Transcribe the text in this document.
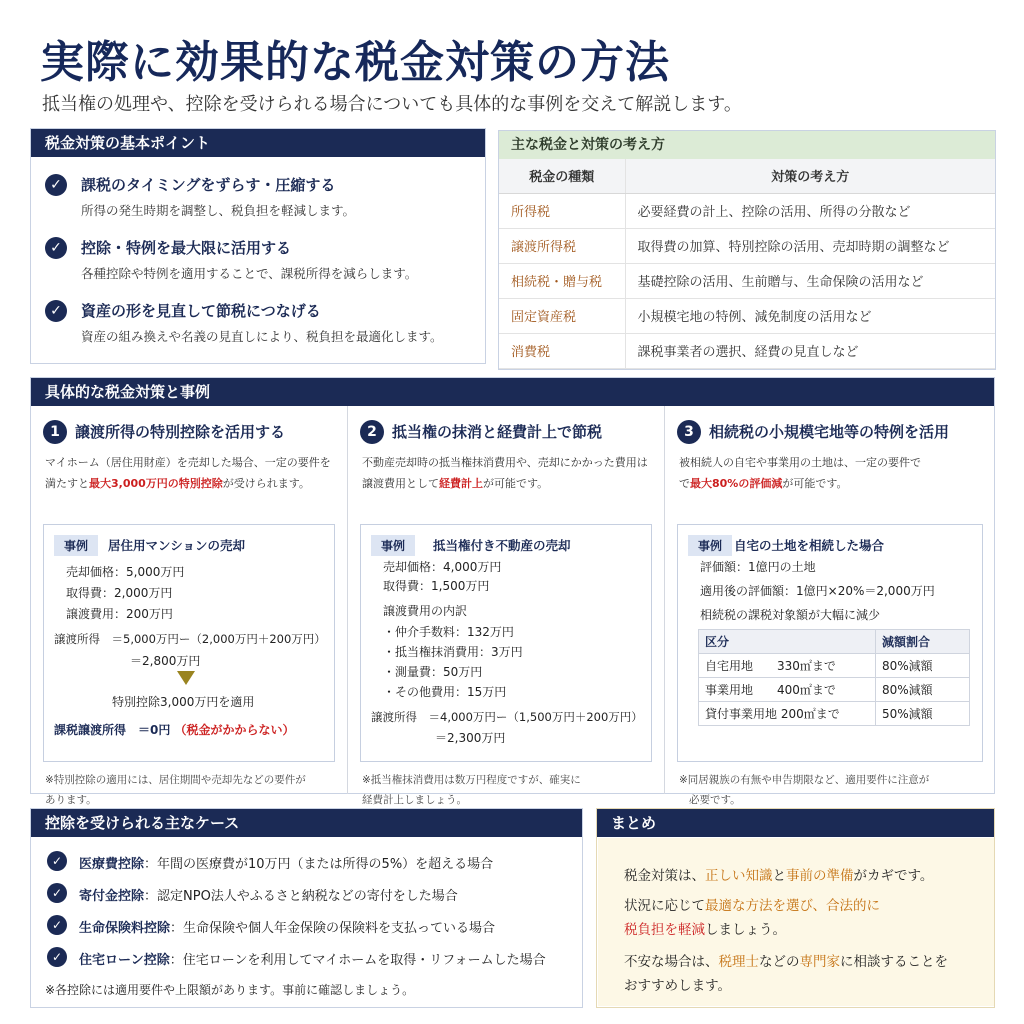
実際に効果的な税金対策の方法
抵当権の処理や、控除を受けられる場合についても具体的な事例を交えて解説します。
税金対策の基本ポイント
✓	課税のタイミングをずらす・圧縮する
所得の発生時期を調整し、税負担を軽減します。
✓	控除・特例を最大限に活用する
各種控除や特例を適用することで、課税所得を減らします。
✓	資産の形を見直して節税につなげる
資産の組み換えや名義の見直しにより、税負担を最適化します。
主な税金と対策の考え方
税金の種類	対策の考え方
所得税	必要経費の計上、控除の活用、所得の分散など
譲渡所得税	取得費の加算、特別控除の活用、売却時期の調整など
相続税・贈与税	基礎控除の活用、生前贈与、生命保険の活用など
固定資産税	小規模宅地の特例、減免制度の活用など
消費税	課税事業者の選択、経費の見直しなど
具体的な税金対策と事例
1	譲渡所得の特別控除を活用する
マイホーム（居住用財産）を売却した場合、一定の要件を
満たすと最大3,000万円の特別控除が受けられます。
事例	居住用マンションの売却
売却価格：5,000万円
取得費：2,000万円
譲渡費用：200万円
譲渡所得　＝5,000万円ー（2,000万円＋200万円）
＝2,800万円
特別控除3,000万円を適用
課税譲渡所得　＝0円 （税金がかからない）
※特別控除の適用には、居住期間や売却先などの要件が
あります。
2	抵当権の抹消と経費計上で節税
不動産売却時の抵当権抹消費用や、売却にかかった費用は
譲渡費用として経費計上が可能です。
事例	抵当権付き不動産の売却
売却価格：4,000万円
取得費：1,500万円
譲渡費用の内訳
・仲介手数料：132万円
・抵当権抹消費用：3万円
・測量費：50万円
・その他費用：15万円
譲渡所得　＝4,000万円ー（1,500万円＋200万円）
＝2,300万円
※抵当権抹消費用は数万円程度ですが、確実に
経費計上しましょう。
3	相続税の小規模宅地等の特例を活用
被相続人の自宅や事業用の土地は、一定の要件で
で最大80%の評価減が可能です。
事例 自宅の土地を相続した場合
評価額：1億円の土地
適用後の評価額：1億円×20%＝2,000万円
相続税の課税対象額が大幅に減少
区分	減額割合
自宅用地　　330㎡まで	80%減額
事業用地　　400㎡まで	80%減額
貸付事業用地 200㎡まで	50%減額
※同居親族の有無や申告期限など、適用要件に注意が
必要です。
控除を受けられる主なケース
✓	医療費控除：年間の医療費が10万円（または所得の5%）を超える場合
✓	寄付金控除：認定NPO法人やふるさと納税などの寄付をした場合
✓	生命保険料控除：生命保険や個人年金保険の保険料を支払っている場合
✓	住宅ローン控除：住宅ローンを利用してマイホームを取得・リフォームした場合
※各控除には適用要件や上限額があります。事前に確認しましょう。
まとめ
税金対策は、正しい知識と事前の準備がカギです。
状況に応じて最適な方法を選び、合法的に
税負担を軽減しましょう。
不安な場合は、税理士などの専門家に相談することを
おすすめします。
